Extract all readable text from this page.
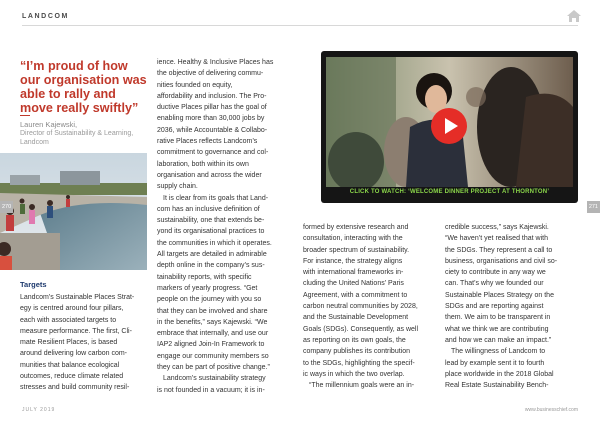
LANDCOM
“I’m proud of how our organisation was able to rally and move really swiftly”
Lauren Kajewski,
Director of Sustainability & Learning, Landcom
270
Targets

Landcom’s Sustainable Places Strat-

egy is centred around four pillars,

each with associated targets to

measure performance. The first, Cli-

mate Resilient Places, is based

around delivering low carbon com-

munities that balance ecological

outcomes, reduce climate related

stresses and build community resil-

ience. Healthy & Inclusive Places has

the objective of delivering commu-

nities founded on equity,

affordability and inclusion. The Pro-

ductive Places pillar has the goal of

enabling more than 30,000 jobs by

2036, while Accountable & Collabo-

rative Places reflects Landcom’s

commitment to governance and col-

laboration, both within its own

organisation and across the wider

supply chain.

It is clear from its goals that Land-

com has an inclusive definition of

sustainability, one that extends be-

yond its organisational practices to

the communities in which it operates.

All targets are detailed in admirable

depth online in the company’s sus-

tainability reports, with specific

markers of yearly progress. “Get

people on the journey with you so

that they can be involved and share

in the benefits,” says Kajewski. “We

embrace that internally, and use our

IAP2 aligned Join-In Framework to

engage our community members so

they can be part of positive change.”

Landcom’s sustainability strategy

is not founded in a vacuum; it is in-

CLICK TO WATCH: ‘WELCOME DINNER PROJECT AT THORNTON’
271

formed by extensive research and

consultation, interacting with the

broader spectrum of sustainability.

For instance, the strategy aligns

with international frameworks in-

cluding the United Nations’ Paris

Agreement, with a commitment to

carbon neutral communities by 2028,

and the Sustainable Development

Goals (SDGs). Consequently, as well

as reporting on its own goals, the

company publishes its contribution

to the SDGs, highlighting the specif-

ic ways in which the two overlap.

“The millennium goals were an in-

credible success,” says Kajewski.

“We haven’t yet realised that with

the SDGs. They represent a call to

business, organisations and civil so-

ciety to contribute in any way we

can. That’s why we founded our

Sustainable Places Strategy on the

SDGs and are reporting against

them. We aim to be transparent in

what we think we are contributing

and how we can make an impact.”

The willingness of Landcom to

lead by example sent it to fourth

place worldwide in the 2018 Global

Real Estate Sustainability Bench-

JULY 2019	www.businesschief.com
